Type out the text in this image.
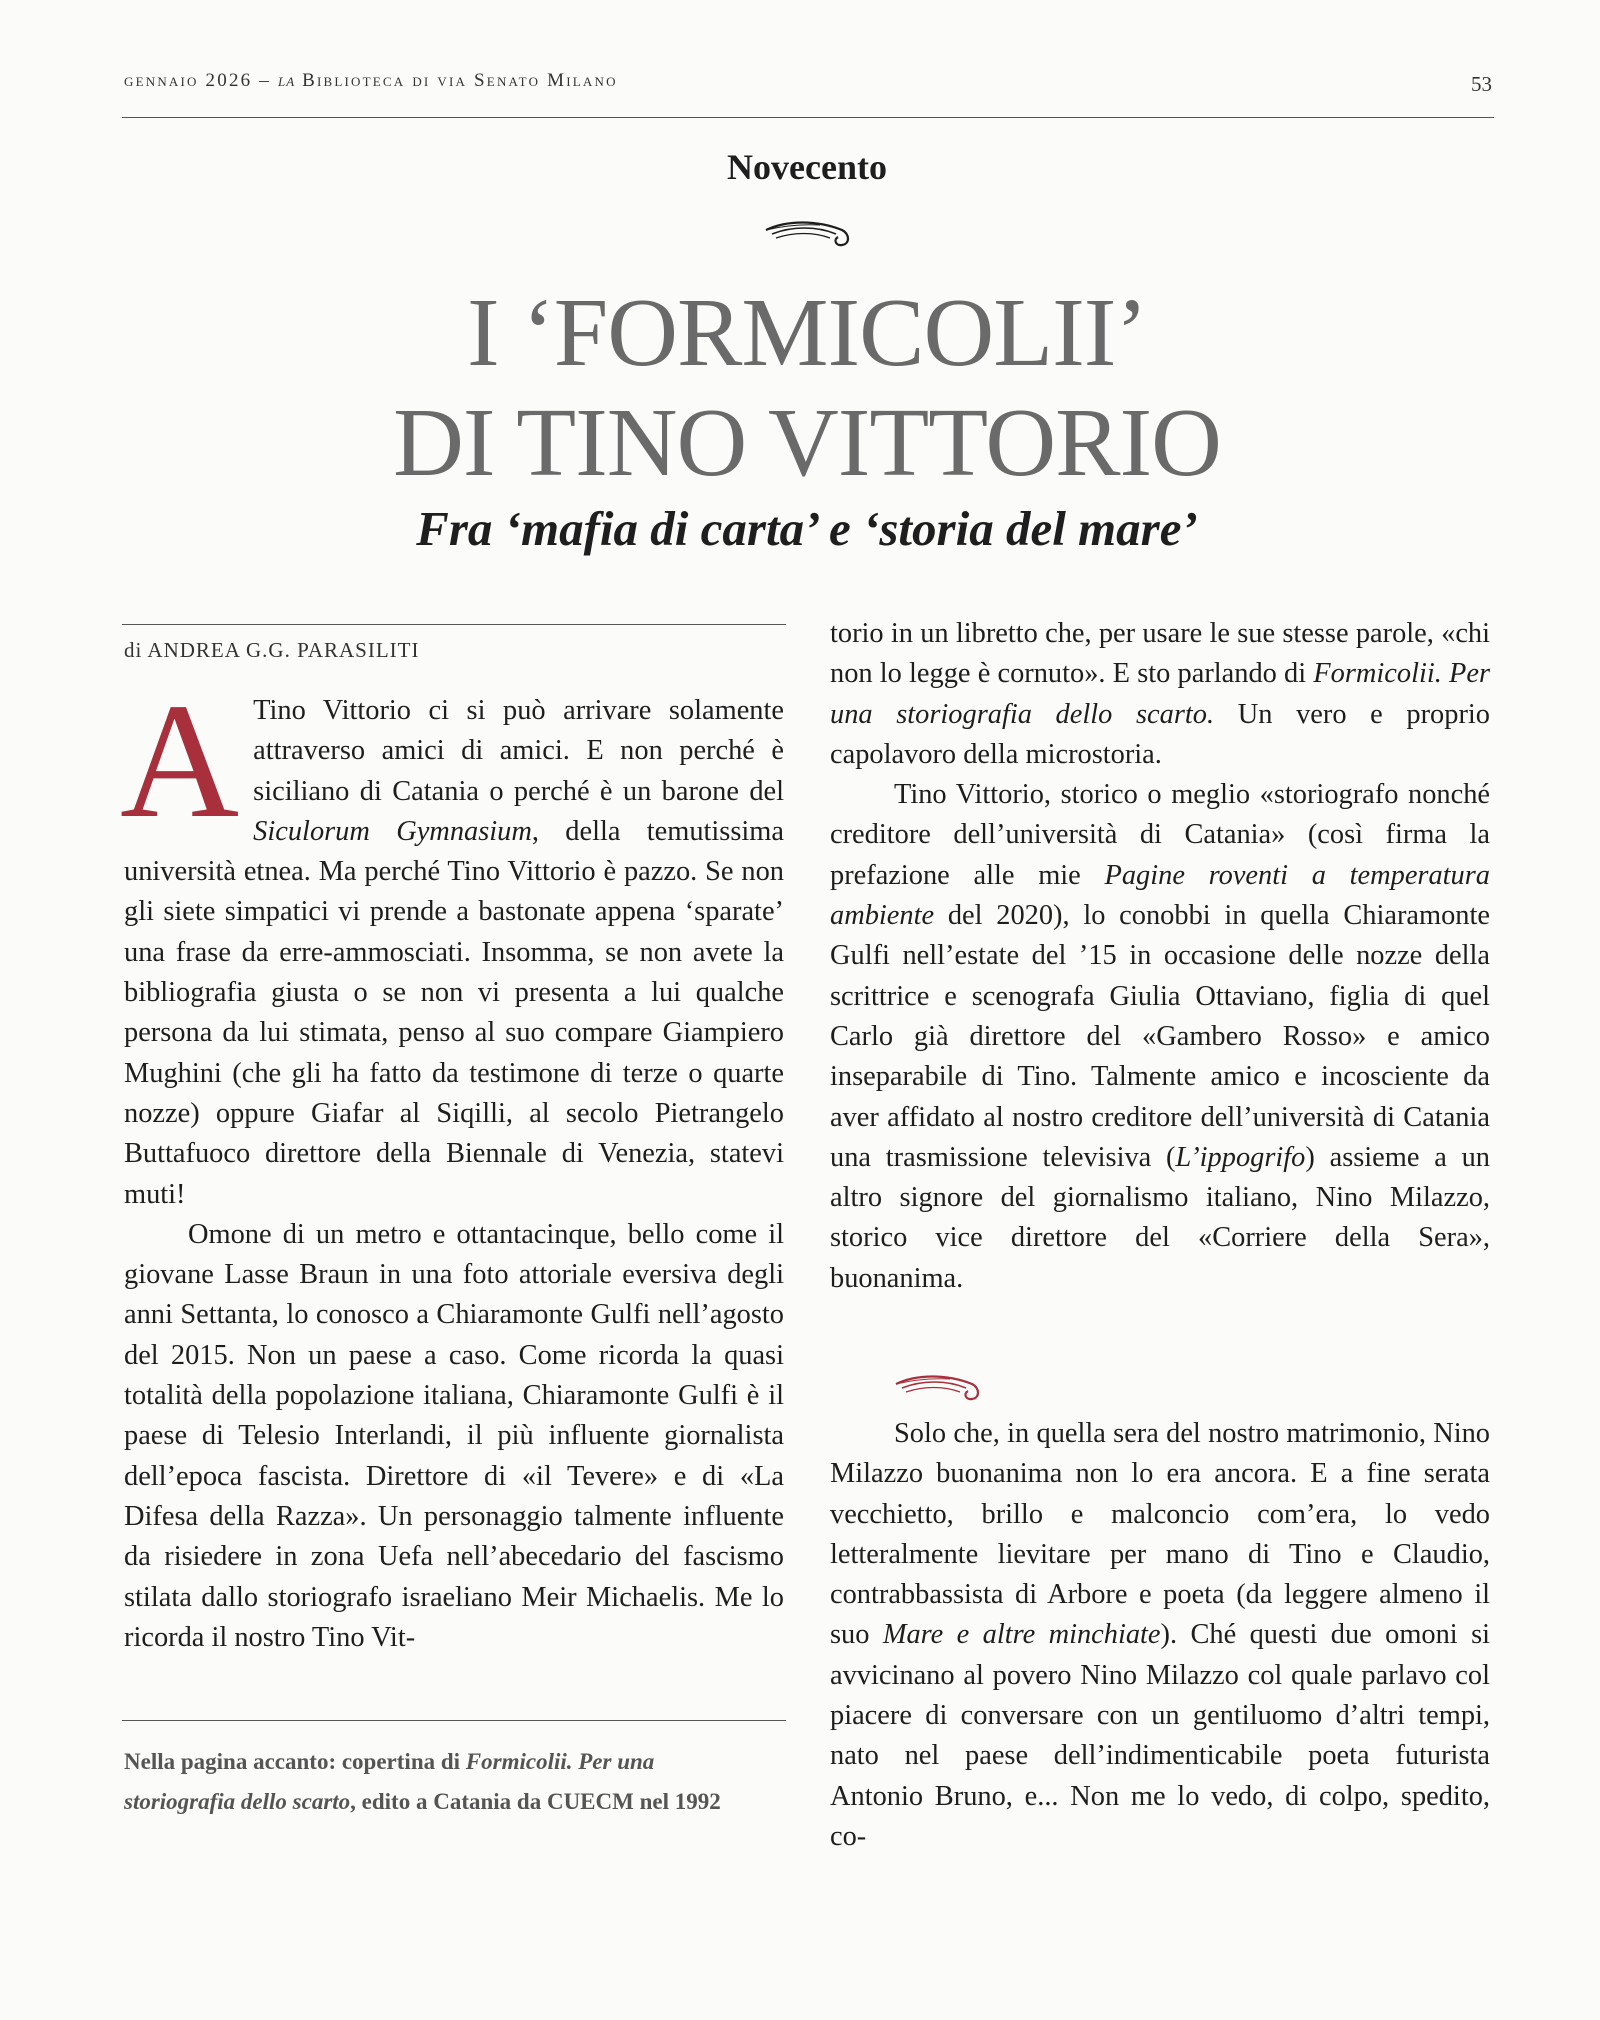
gennaio 2026 – la Biblioteca di via Senato Milano	53
Novecento
I ‘FORMICOLII’
DI TINO VITTORIO
Fra ‘mafia di carta’ e ‘storia del mare’
di ANDREA G.G. PARASILITI

A Tino Vittorio ci si può arrivare solamente attraverso amici di amici. E non perché è siciliano di Catania o perché è un barone del Siculorum Gymnasium, della temutissima università etnea. Ma perché Tino Vittorio è pazzo. Se non gli siete simpatici vi prende a bastonate appena ‘sparate’ una frase da erre-ammosciati. Insomma, se non avete la bibliografia giusta o se non vi presenta a lui qualche persona da lui stimata, penso al suo compare Giampiero Mughini (che gli ha fatto da testimone di terze o quarte nozze) oppure Giafar al Siqilli, al secolo Pietrangelo Buttafuoco direttore della Biennale di Venezia, statevi muti!

Omone di un metro e ottantacinque, bello come il giovane Lasse Braun in una foto attoriale eversiva degli anni Settanta, lo conosco a Chiaramonte Gulfi nell’agosto del 2015. Non un paese a caso. Come ricorda la quasi totalità della popolazione italiana, Chiaramonte Gulfi è il paese di Telesio Interlandi, il più influente giornalista dell’epoca fascista. Direttore di «il Tevere» e di «La Difesa della Razza». Un personaggio talmente influente da risiedere in zona Uefa nell’abecedario del fascismo stilata dallo storiografo israeliano Meir Michaelis. Me lo ricorda il nostro Tino Vit-

Nella pagina accanto: copertina di Formicolii. Per una storiografia dello scarto, edito a Catania da CUECM nel 1992

torio in un libretto che, per usare le sue stesse parole, «chi non lo legge è cornuto». E sto parlando di Formicolii. Per una storiografia dello scarto. Un vero e proprio capolavoro della microstoria.

Tino Vittorio, storico o meglio «storiografo nonché creditore dell’università di Catania» (così firma la prefazione alle mie Pagine roventi a temperatura ambiente del 2020), lo conobbi in quella Chiaramonte Gulfi nell’estate del ’15 in occasione delle nozze della scrittrice e scenografa Giulia Ottaviano, figlia di quel Carlo già direttore del «Gambero Rosso» e amico inseparabile di Tino. Talmente amico e incosciente da aver affidato al nostro creditore dell’università di Catania una trasmissione televisiva (L’ippogrifo) assieme a un altro signore del giornalismo italiano, Nino Milazzo, storico vice direttore del «Corriere della Sera», buonanima.

Solo che, in quella sera del nostro matrimonio, Nino Milazzo buonanima non lo era ancora. E a fine serata vecchietto, brillo e malconcio com’era, lo vedo letteralmente lievitare per mano di Tino e Claudio, contrabbassista di Arbore e poeta (da leggere almeno il suo Mare e altre minchiate). Ché questi due omoni si avvicinano al povero Nino Milazzo col quale parlavo col piacere di conversare con un gentiluomo d’altri tempi, nato nel paese dell’indimenticabile poeta futurista Antonio Bruno, e... Non me lo vedo, di colpo, spedito, co-
